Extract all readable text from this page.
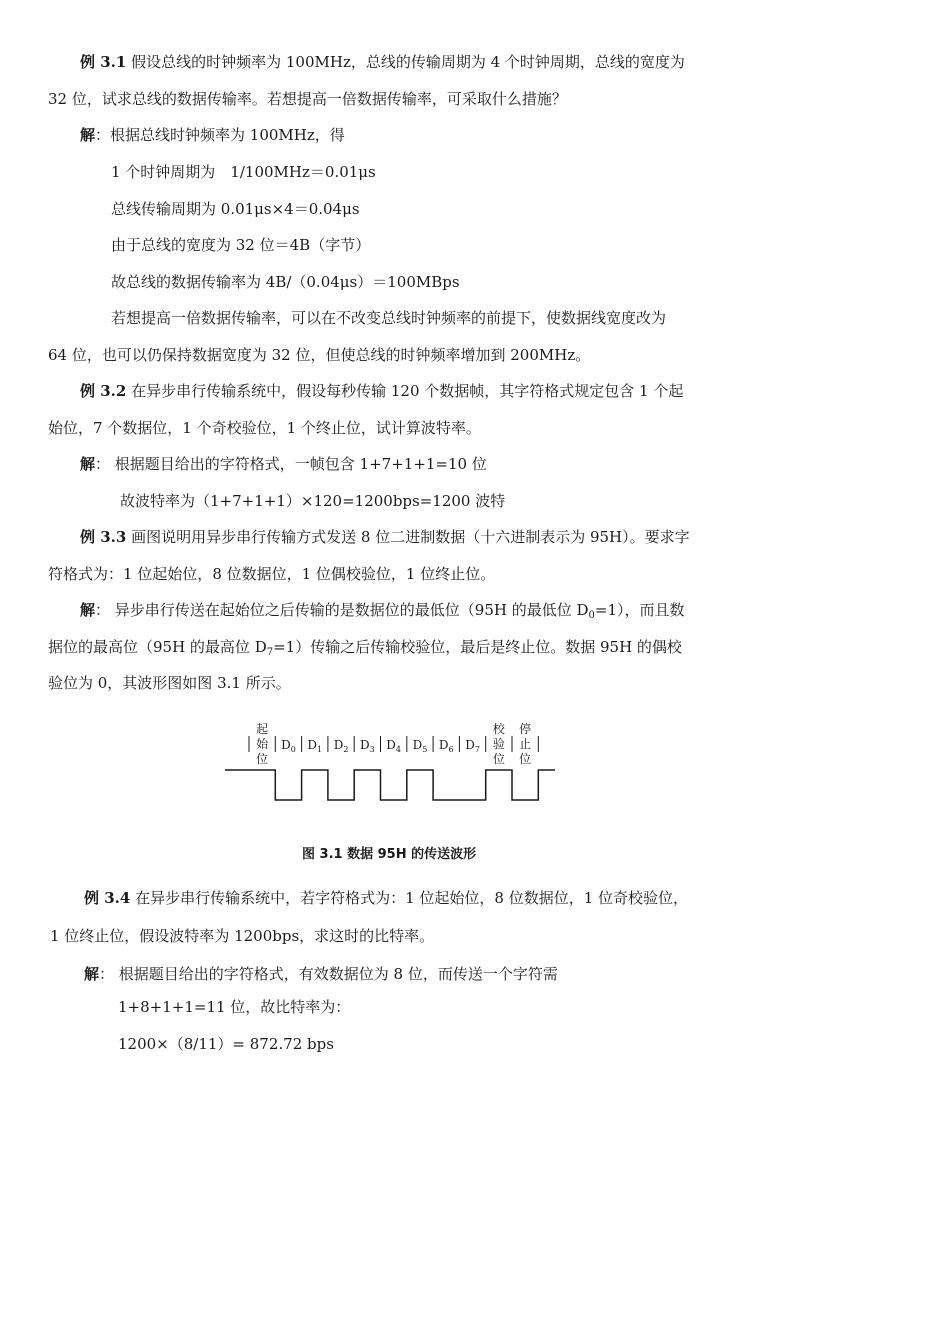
例 3.1 假设总线的时钟频率为 100MHz，总线的传输周期为 4 个时钟周期，总线的宽度为
32 位，试求总线的数据传输率。若想提高一倍数据传输率，可采取什么措施？
解：根据总线时钟频率为 100MHz，得
1 个时钟周期为　1/100MHz＝0.01μs
总线传输周期为 0.01μs×4＝0.04μs
由于总线的宽度为 32 位＝4B（字节）
故总线的数据传输率为 4B/（0.04μs）＝100MBps
若想提高一倍数据传输率，可以在不改变总线时钟频率的前提下，使数据线宽度改为
64 位，也可以仍保持数据宽度为 32 位，但使总线的时钟频率增加到 200MHz。
例 3.2 在异步串行传输系统中，假设每秒传输 120 个数据帧，其字符格式规定包含 1 个起
始位，7 个数据位，1 个奇校验位，1 个终止位，试计算波特率。
解： 根据题目给出的字符格式，一帧包含 1+7+1+1=10 位
故波特率为（1+7+1+1）×120=1200bps=1200 波特
例 3.3 画图说明用异步串行传输方式发送 8 位二进制数据（十六进制表示为 95H）。要求字
符格式为：1 位起始位，8 位数据位，1 位偶校验位，1 位终止位。
解： 异步串行传送在起始位之后传输的是数据位的最低位（95H 的最低位 $D_0=1$），而且数
据位的最高位（95H 的最高位 $D_7=1$）传输之后传输校验位，最后是终止位。数据 95H 的偶校
验位为 0，其波形图如图 3.1 所示。
起
始
位
$D_0$ $D_1$ $D_2$ $D_3$ $D_4$ $D_5$ $D_6$ $D_7$
校
验
位
停
止
位
图 3.1 数据 95H 的传送波形
例 3.4 在异步串行传输系统中，若字符格式为：1 位起始位，8 位数据位，1 位奇校验位，
1 位终止位，假设波特率为 1200bps，求这时的比特率。
解： 根据题目给出的字符格式，有效数据位为 8 位，而传送一个字符需
1+8+1+1=11 位，故比特率为：
1200×（8/11）= 872.72 bps
